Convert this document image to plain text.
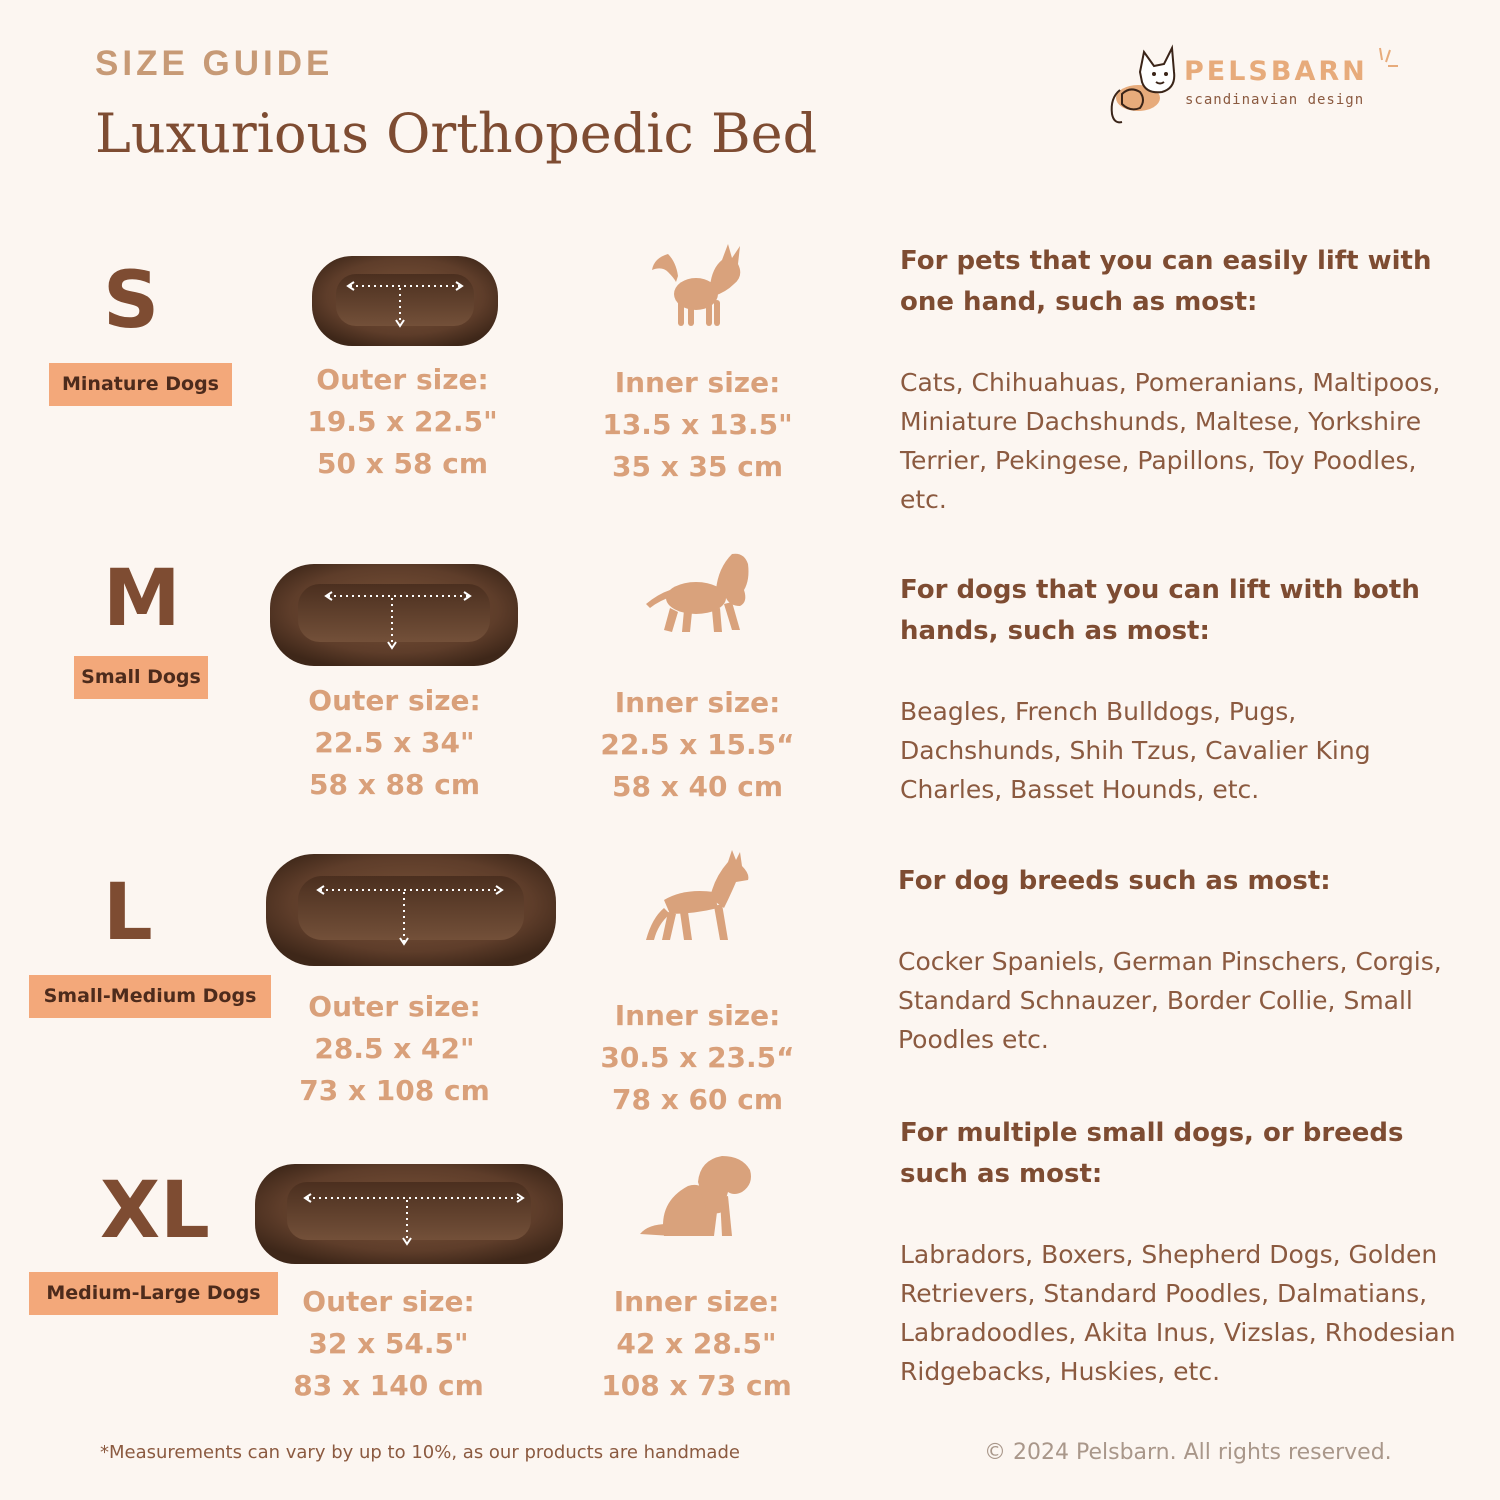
SIZE GUIDE
Luxurious Orthopedic Bed
PELSBARN
scandinavian design
S
Minature Dogs	Outer size:
19.5 x 22.5"
50 x 58 cm
Inner size:
13.5 x 13.5"
35 x 35 cm
For pets that you can easily lift with one hand, such as most:
Cats, Chihuahuas, Pomeranians, Maltipoos, Miniature Dachshunds, Maltese, Yorkshire Terrier, Pekingese, Papillons, Toy Poodles, etc.
M
Small Dogs
Outer size:
22.5 x 34"
58 x 88 cm
Inner size:
22.5 x 15.5“
58 x 40 cm
For dogs that you can lift with both hands, such as most:
Beagles, French Bulldogs, Pugs, Dachshunds, Shih Tzus, Cavalier King Charles, Basset Hounds, etc.
L
Small-Medium Dogs	Outer size:
28.5 x 42"
73 x 108 cm
Inner size:
30.5 x 23.5“
78 x 60 cm
For dog breeds such as most:
Cocker Spaniels, German Pinschers, Corgis, Standard Schnauzer, Border Collie, Small Poodles etc.
XL
Medium-Large Dogs	Outer size:
32 x 54.5"
83 x 140 cm
Inner size:
42 x 28.5"
108 x 73 cm
For multiple small dogs, or breeds such as most:
Labradors, Boxers, Shepherd Dogs, Golden Retrievers, Standard Poodles, Dalmatians, Labradoodles, Akita Inus, Vizslas, Rhodesian Ridgebacks, Huskies, etc.
*Measurements can vary by up to 10%, as our products are handmade	© 2024 Pelsbarn. All rights reserved.
